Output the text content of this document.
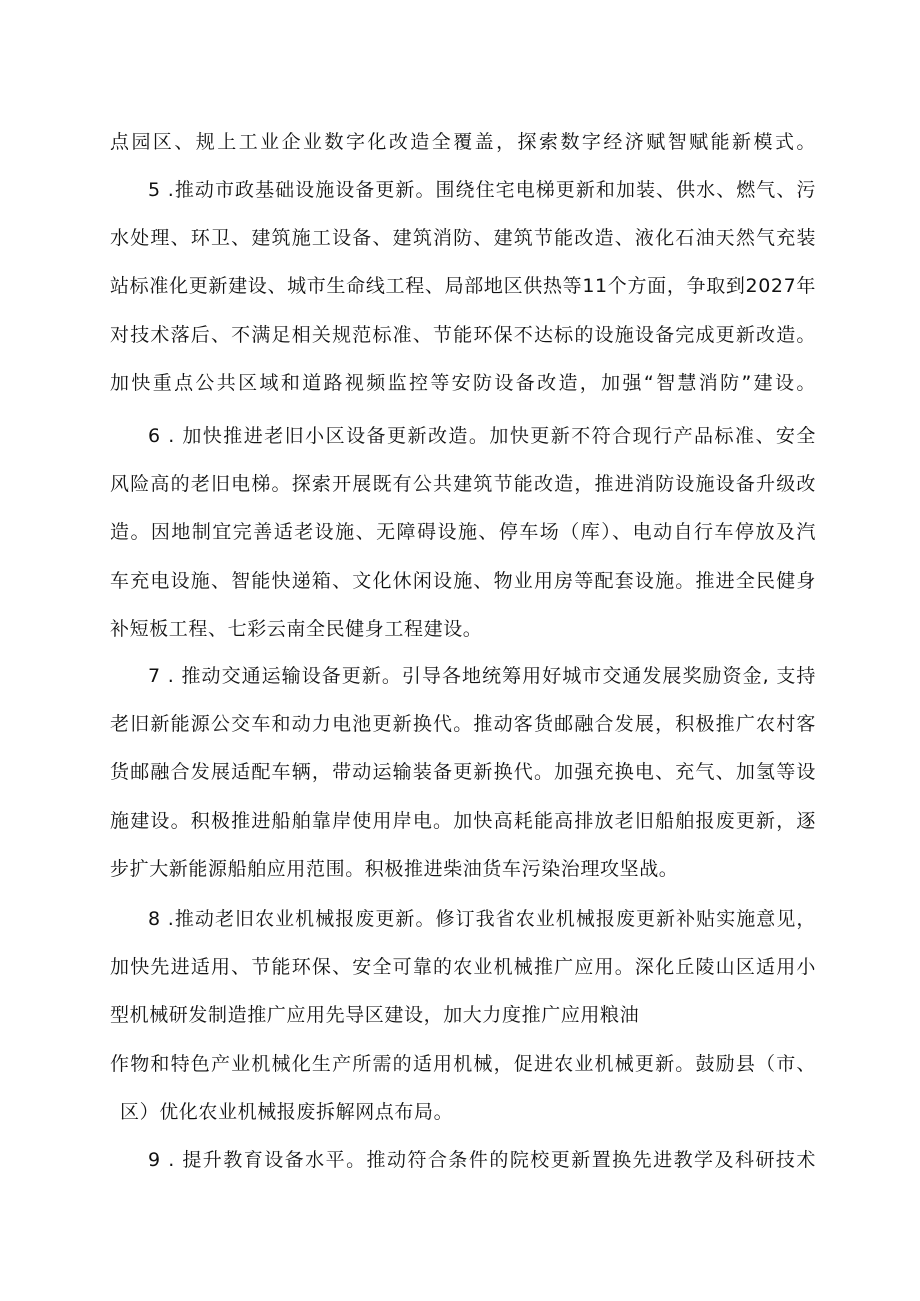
点园区、规上工业企业数字化改造全覆盖，探索数字经济赋智赋能新模式。
5 .推动市政基础设施设备更新。围绕住宅电梯更新和加装、供水、燃气、污
水处理、环卫、建筑施工设备、建筑消防、建筑节能改造、液化石油天然气充装
站标准化更新建设、城市生命线工程、局部地区供热等11个方面，争取到2027年
对技术落后、不满足相关规范标准、节能环保不达标的设施设备完成更新改造。
加快重点公共区域和道路视频监控等安防设备改造，加强“智慧消防”建设。
6 . 加快推进老旧小区设备更新改造。加快更新不符合现行产品标准、安全
风险高的老旧电梯。探索开展既有公共建筑节能改造，推进消防设施设备升级改
造。因地制宜完善适老设施、无障碍设施、停车场（库）、电动自行车停放及汽
车充电设施、智能快递箱、文化休闲设施、物业用房等配套设施。推进全民健身
补短板工程、七彩云南全民健身工程建设。
7 . 推动交通运输设备更新。引导各地统筹用好城市交通发展奖励资金, 支持
老旧新能源公交车和动力电池更新换代。推动客货邮融合发展，积极推广农村客
货邮融合发展适配车辆，带动运输装备更新换代。加强充换电、充气、加氢等设
施建设。积极推进船舶靠岸使用岸电。加快高耗能高排放老旧船舶报废更新，逐
步扩大新能源船舶应用范围。积极推进柴油货车污染治理攻坚战。
8 .推动老旧农业机械报废更新。修订我省农业机械报废更新补贴实施意见，
加快先进适用、节能环保、安全可靠的农业机械推广应用。深化丘陵山区适用小
型机械研发制造推广应用先导区建设，加大力度推广应用粮油
作物和特色产业机械化生产所需的适用机械，促进农业机械更新。鼓励县（市、
区）优化农业机械报废拆解网点布局。
9 . 提升教育设备水平。推动符合条件的院校更新置换先进教学及科研技术
